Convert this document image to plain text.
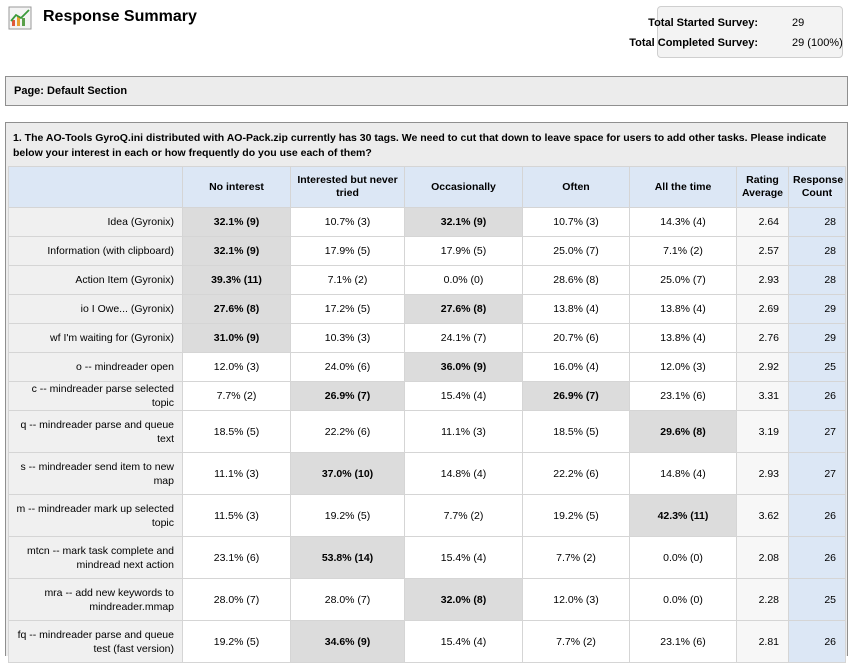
Response Summary	Total Started Survey:	29
Total Completed Survey:	29 (100%)
Page: Default Section
1. The AO-Tools GyroQ.ini distributed with AO-Pack.zip currently has 30 tags. We need to cut that down to leave space for users to add other tasks. Please indicate below your interest in each or how frequently do you use each of them?
	No interest	Interested but never tried	Occasionally	Often	All the time	Rating Average	Response Count
Idea (Gyronix)	32.1% (9)	10.7% (3)	32.1% (9)	10.7% (3)	14.3% (4)	2.64	28
Information (with clipboard)	32.1% (9)	17.9% (5)	17.9% (5)	25.0% (7)	7.1% (2)	2.57	28
Action Item (Gyronix)	39.3% (11)	7.1% (2)	0.0% (0)	28.6% (8)	25.0% (7)	2.93	28
io I Owe... (Gyronix)	27.6% (8)	17.2% (5)	27.6% (8)	13.8% (4)	13.8% (4)	2.69	29
wf I'm waiting for (Gyronix)	31.0% (9)	10.3% (3)	24.1% (7)	20.7% (6)	13.8% (4)	2.76	29
o -- mindreader open	12.0% (3)	24.0% (6)	36.0% (9)	16.0% (4)	12.0% (3)	2.92	25
c -- mindreader parse selected topic	7.7% (2)	26.9% (7)	15.4% (4)	26.9% (7)	23.1% (6)	3.31	26
q -- mindreader parse and queue text	18.5% (5)	22.2% (6)	11.1% (3)	18.5% (5)	29.6% (8)	3.19	27
s -- mindreader send item to new map	11.1% (3)	37.0% (10)	14.8% (4)	22.2% (6)	14.8% (4)	2.93	27
m -- mindreader mark up selected topic	11.5% (3)	19.2% (5)	7.7% (2)	19.2% (5)	42.3% (11)	3.62	26
mtcn -- mark task complete and mindread next action	23.1% (6)	53.8% (14)	15.4% (4)	7.7% (2)	0.0% (0)	2.08	26
mra -- add new keywords to mindreader.mmap	28.0% (7)	28.0% (7)	32.0% (8)	12.0% (3)	0.0% (0)	2.28	25
fq -- mindreader parse and queue test (fast version)	19.2% (5)	34.6% (9)	15.4% (4)	7.7% (2)	23.1% (6)	2.81	26
